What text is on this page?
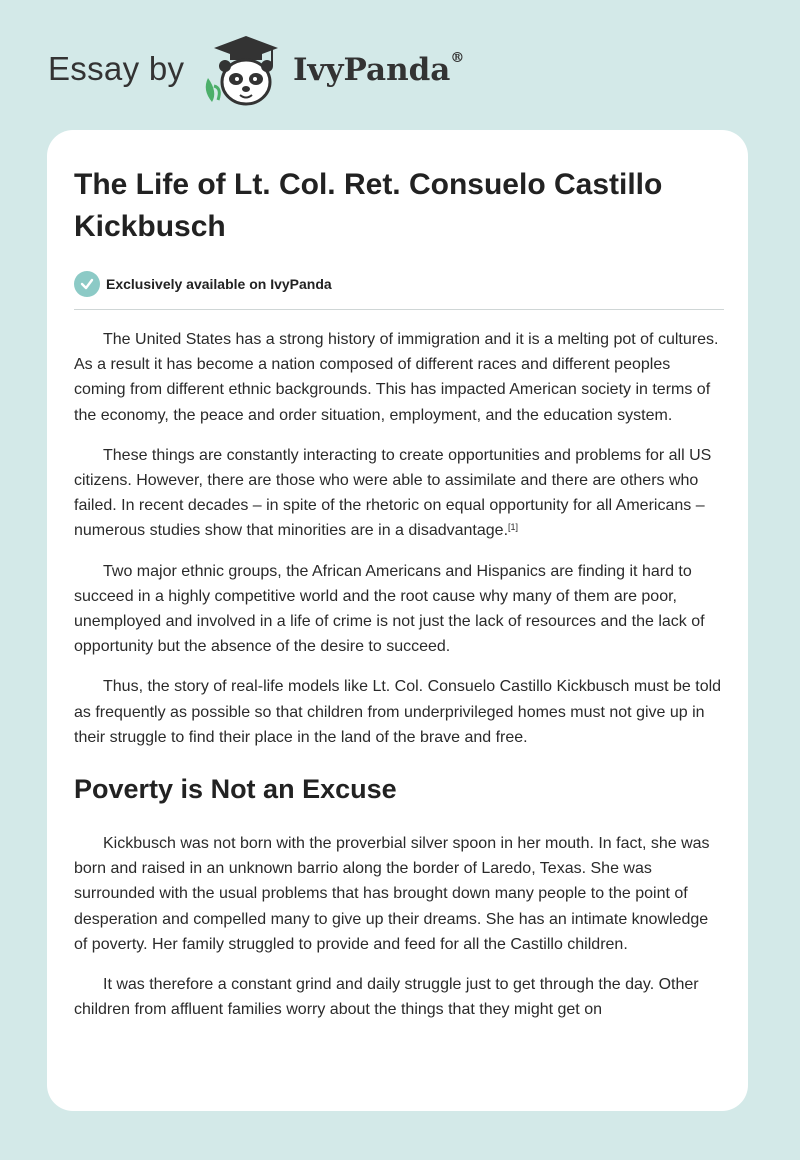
Essay by	IvyPanda®
The Life of Lt. Col. Ret. Consuelo Castillo Kickbusch
Exclusively available on IvyPanda

The United States has a strong history of immigration and it is a melting pot of cultures. As a result it has become a nation composed of different races and different peoples coming from different ethnic backgrounds. This has impacted American society in terms of the economy, the peace and order situation, employment, and the education system.

These things are constantly interacting to create opportunities and problems for all US citizens. However, there are those who were able to assimilate and there are others who failed. In recent decades – in spite of the rhetoric on equal opportunity for all Americans – numerous studies show that minorities are in a disadvantage.[1]

Two major ethnic groups, the African Americans and Hispanics are finding it hard to succeed in a highly competitive world and the root cause why many of them are poor, unemployed and involved in a life of crime is not just the lack of resources and the lack of opportunity but the absence of the desire to succeed.

Thus, the story of real-life models like Lt. Col. Consuelo Castillo Kickbusch must be told as frequently as possible so that children from underprivileged homes must not give up in their struggle to find their place in the land of the brave and free.

Poverty is Not an Excuse

Kickbusch was not born with the proverbial silver spoon in her mouth. In fact, she was born and raised in an unknown barrio along the border of Laredo, Texas. She was surrounded with the usual problems that has brought down many people to the point of desperation and compelled many to give up their dreams. She has an intimate knowledge of poverty. Her family struggled to provide and feed for all the Castillo children.

It was therefore a constant grind and daily struggle just to get through the day. Other children from affluent families worry about the things that they might get on
